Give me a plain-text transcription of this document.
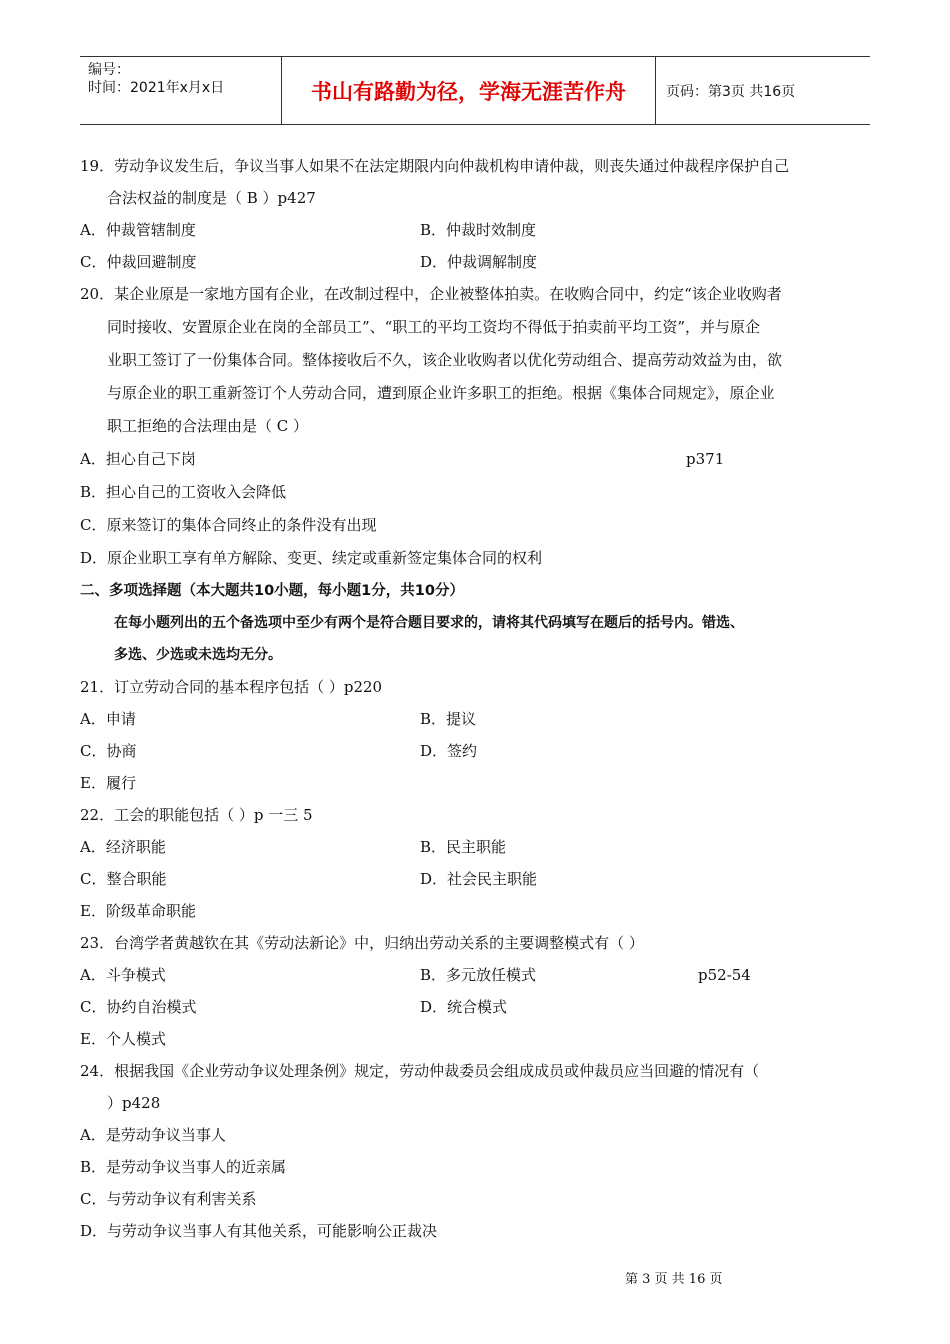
编号：
时间：2021年x月x日	书山有路勤为径，学海无涯苦作舟	页码：第3页 共16页
19．劳动争议发生后，争议当事人如果不在法定期限内向仲裁机构申请仲裁，则丧失通过仲裁程序保护自己
合法权益的制度是（ B ）p427
A．仲裁管辖制度	B．仲裁时效制度
C．仲裁回避制度	D．仲裁调解制度
20．某企业原是一家地方国有企业，在改制过程中，企业被整体拍卖。在收购合同中，约定“该企业收购者
同时接收、安置原企业在岗的全部员工”、“职工的平均工资均不得低于拍卖前平均工资”，并与原企
业职工签订了一份集体合同。整体接收后不久，该企业收购者以优化劳动组合、提高劳动效益为由，欲
与原企业的职工重新签订个人劳动合同，遭到原企业许多职工的拒绝。根据《集体合同规定》，原企业
职工拒绝的合法理由是（ C ）
A．担心自己下岗	p371
B．担心自己的工资收入会降低
C．原来签订的集体合同终止的条件没有出现
D．原企业职工享有单方解除、变更、续定或重新签定集体合同的权利
二、多项选择题（本大题共10小题，每小题1分，共10分）
在每小题列出的五个备选项中至少有两个是符合题目要求的，请将其代码填写在题后的括号内。错选、
多选、少选或未选均无分。
21．订立劳动合同的基本程序包括（ ）p220
A．申请	B．提议
C．协商	D．签约
E．履行
22．工会的职能包括（ ）p 一三 5
A．经济职能	B．民主职能
C．整合职能	D．社会民主职能
E．阶级革命职能
23．台湾学者黄越钦在其《劳动法新论》中，归纳出劳动关系的主要调整模式有（ ）
A．斗争模式	B．多元放任模式	p52-54
C．协约自治模式	D．统合模式
E．个人模式
24．根据我国《企业劳动争议处理条例》规定，劳动仲裁委员会组成成员或仲裁员应当回避的情况有（
）p428
A．是劳动争议当事人
B．是劳动争议当事人的近亲属
C．与劳动争议有利害关系
D．与劳动争议当事人有其他关系，可能影响公正裁决
第 3 页 共 16 页
